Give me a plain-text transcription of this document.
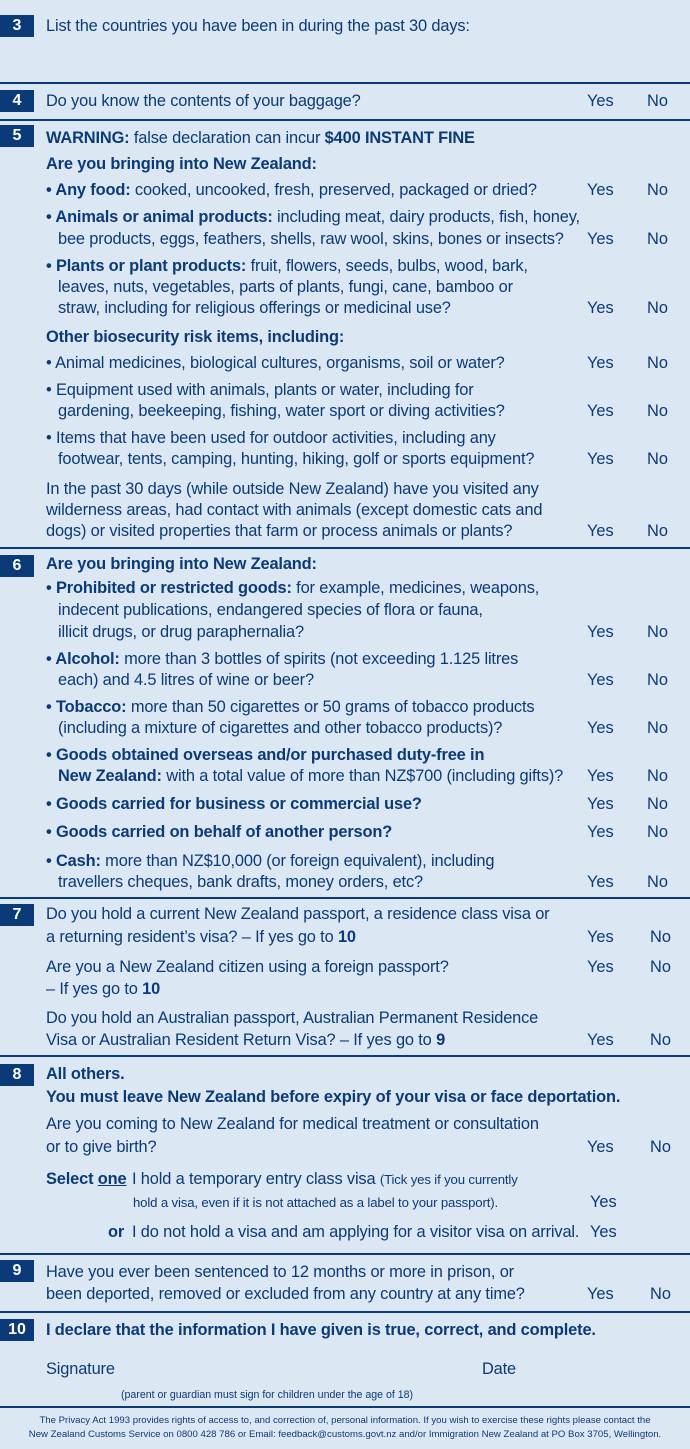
3	List the countries you have been in during the past 30 days:
4	Do you know the contents of your baggage?	Yes No
5	WARNING: false declaration can incur $400 INSTANT FINE
Are you bringing into New Zealand:
• Any food: cooked, uncooked, fresh, preserved, packaged or dried?	Yes No
• Animals or animal products: including meat, dairy products, fish, honey,
bee products, eggs, feathers, shells, raw wool, skins, bones or insects? Yes No
• Plants or plant products: fruit, flowers, seeds, bulbs, wood, bark,
leaves, nuts, vegetables, parts of plants, fungi, cane, bamboo or
straw, including for religious offerings or medicinal use?	Yes No
Other biosecurity risk items, including:
• Animal medicines, biological cultures, organisms, soil or water?	Yes No
• Equipment used with animals, plants or water, including for
gardening, beekeeping, fishing, water sport or diving activities?	Yes No
• Items that have been used for outdoor activities, including any
footwear, tents, camping, hunting, hiking, golf or sports equipment?	Yes No
In the past 30 days (while outside New Zealand) have you visited any
wilderness areas, had contact with animals (except domestic cats and
dogs) or visited properties that farm or process animals or plants?	Yes No
6	Are you bringing into New Zealand:
• Prohibited or restricted goods: for example, medicines, weapons,
indecent publications, endangered species of flora or fauna,
illicit drugs, or drug paraphernalia?	Yes No
• Alcohol: more than 3 bottles of spirits (not exceeding 1.125 litres
each) and 4.5 litres of wine or beer?	Yes No
• Tobacco: more than 50 cigarettes or 50 grams of tobacco products
(including a mixture of cigarettes and other tobacco products)?	Yes No
• Goods obtained overseas and/or purchased duty-free in
New Zealand: with a total value of more than NZ$700 (including gifts)? Yes No
• Goods carried for business or commercial use?	Yes No
• Goods carried on behalf of another person?	Yes No
• Cash: more than NZ$10,000 (or foreign equivalent), including
travellers cheques, bank drafts, money orders, etc?	Yes No
7	Do you hold a current New Zealand passport, a residence class visa or
a returning resident’s visa? – If yes go to 10	Yes No
Are you a New Zealand citizen using a foreign passport?	Yes No
– If yes go to 10
Do you hold an Australian passport, Australian Permanent Residence
Visa or Australian Resident Return Visa? – If yes go to 9	Yes No
8	All others.
You must leave New Zealand before expiry of your visa or face deportation.
Are you coming to New Zealand for medical treatment or consultation
or to give birth?	Yes No
Select one I hold a temporary entry class visa (Tick yes if you currently
hold a visa, even if it is not attached as a label to your passport).	Yes
or I do not hold a visa and am applying for a visitor visa on arrival. Yes
9	Have you ever been sentenced to 12 months or more in prison, or
been deported, removed or excluded from any country at any time?	Yes No
10	I declare that the information I have given is true, correct, and complete.
Signature	Date
(parent or guardian must sign for children under the age of 18)
The Privacy Act 1993 provides rights of access to, and correction of, personal information. If you wish to exercise these rights please contact the
New Zealand Customs Service on 0800 428 786 or Email: feedback@customs.govt.nz and/or Immigration New Zealand at PO Box 3705, Wellington.
